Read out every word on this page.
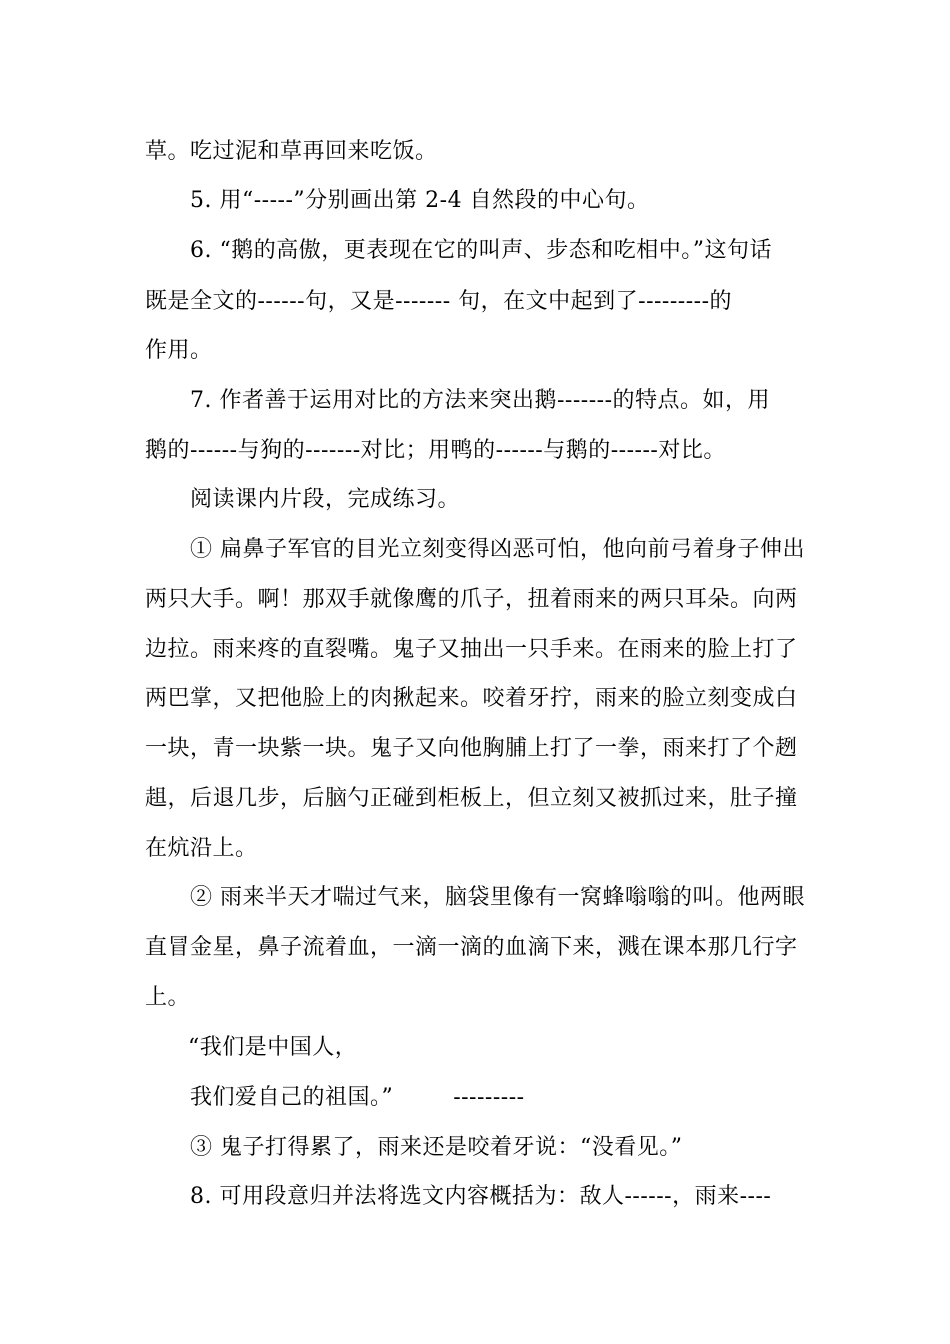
草。吃过泥和草再回来吃饭。
5. 用“-----”分别画出第 2-4 自然段的中心句。
6. “鹅的高傲，更表现在它的叫声、步态和吃相中。”这句话
既是全文的------句，又是------- 句，在文中起到了---------的
作用。
7. 作者善于运用对比的方法来突出鹅-------的特点。如，用
鹅的------与狗的-------对比；用鸭的------与鹅的------对比。
阅读课内片段，完成练习。
① 扁鼻子军官的目光立刻变得凶恶可怕，他向前弓着身子伸出
两只大手。啊！那双手就像鹰的爪子，扭着雨来的两只耳朵。向两
边拉。雨来疼的直裂嘴。鬼子又抽出一只手来。在雨来的脸上打了
两巴掌，又把他脸上的肉揪起来。咬着牙拧，雨来的脸立刻变成白
一块，青一块紫一块。鬼子又向他胸脯上打了一拳，雨来打了个趔
趄，后退几步，后脑勺正碰到柜板上，但立刻又被抓过来，肚子撞
在炕沿上。
② 雨来半天才喘过气来，脑袋里像有一窝蜂嗡嗡的叫。他两眼
直冒金星，鼻子流着血，一滴一滴的血滴下来，溅在课本那几行字
上。
“我们是中国人，
我们爱自己的祖国。”        ---------
③ 鬼子打得累了，雨来还是咬着牙说：“没看见。”
8. 可用段意归并法将选文内容概括为：敌人------，雨来----
